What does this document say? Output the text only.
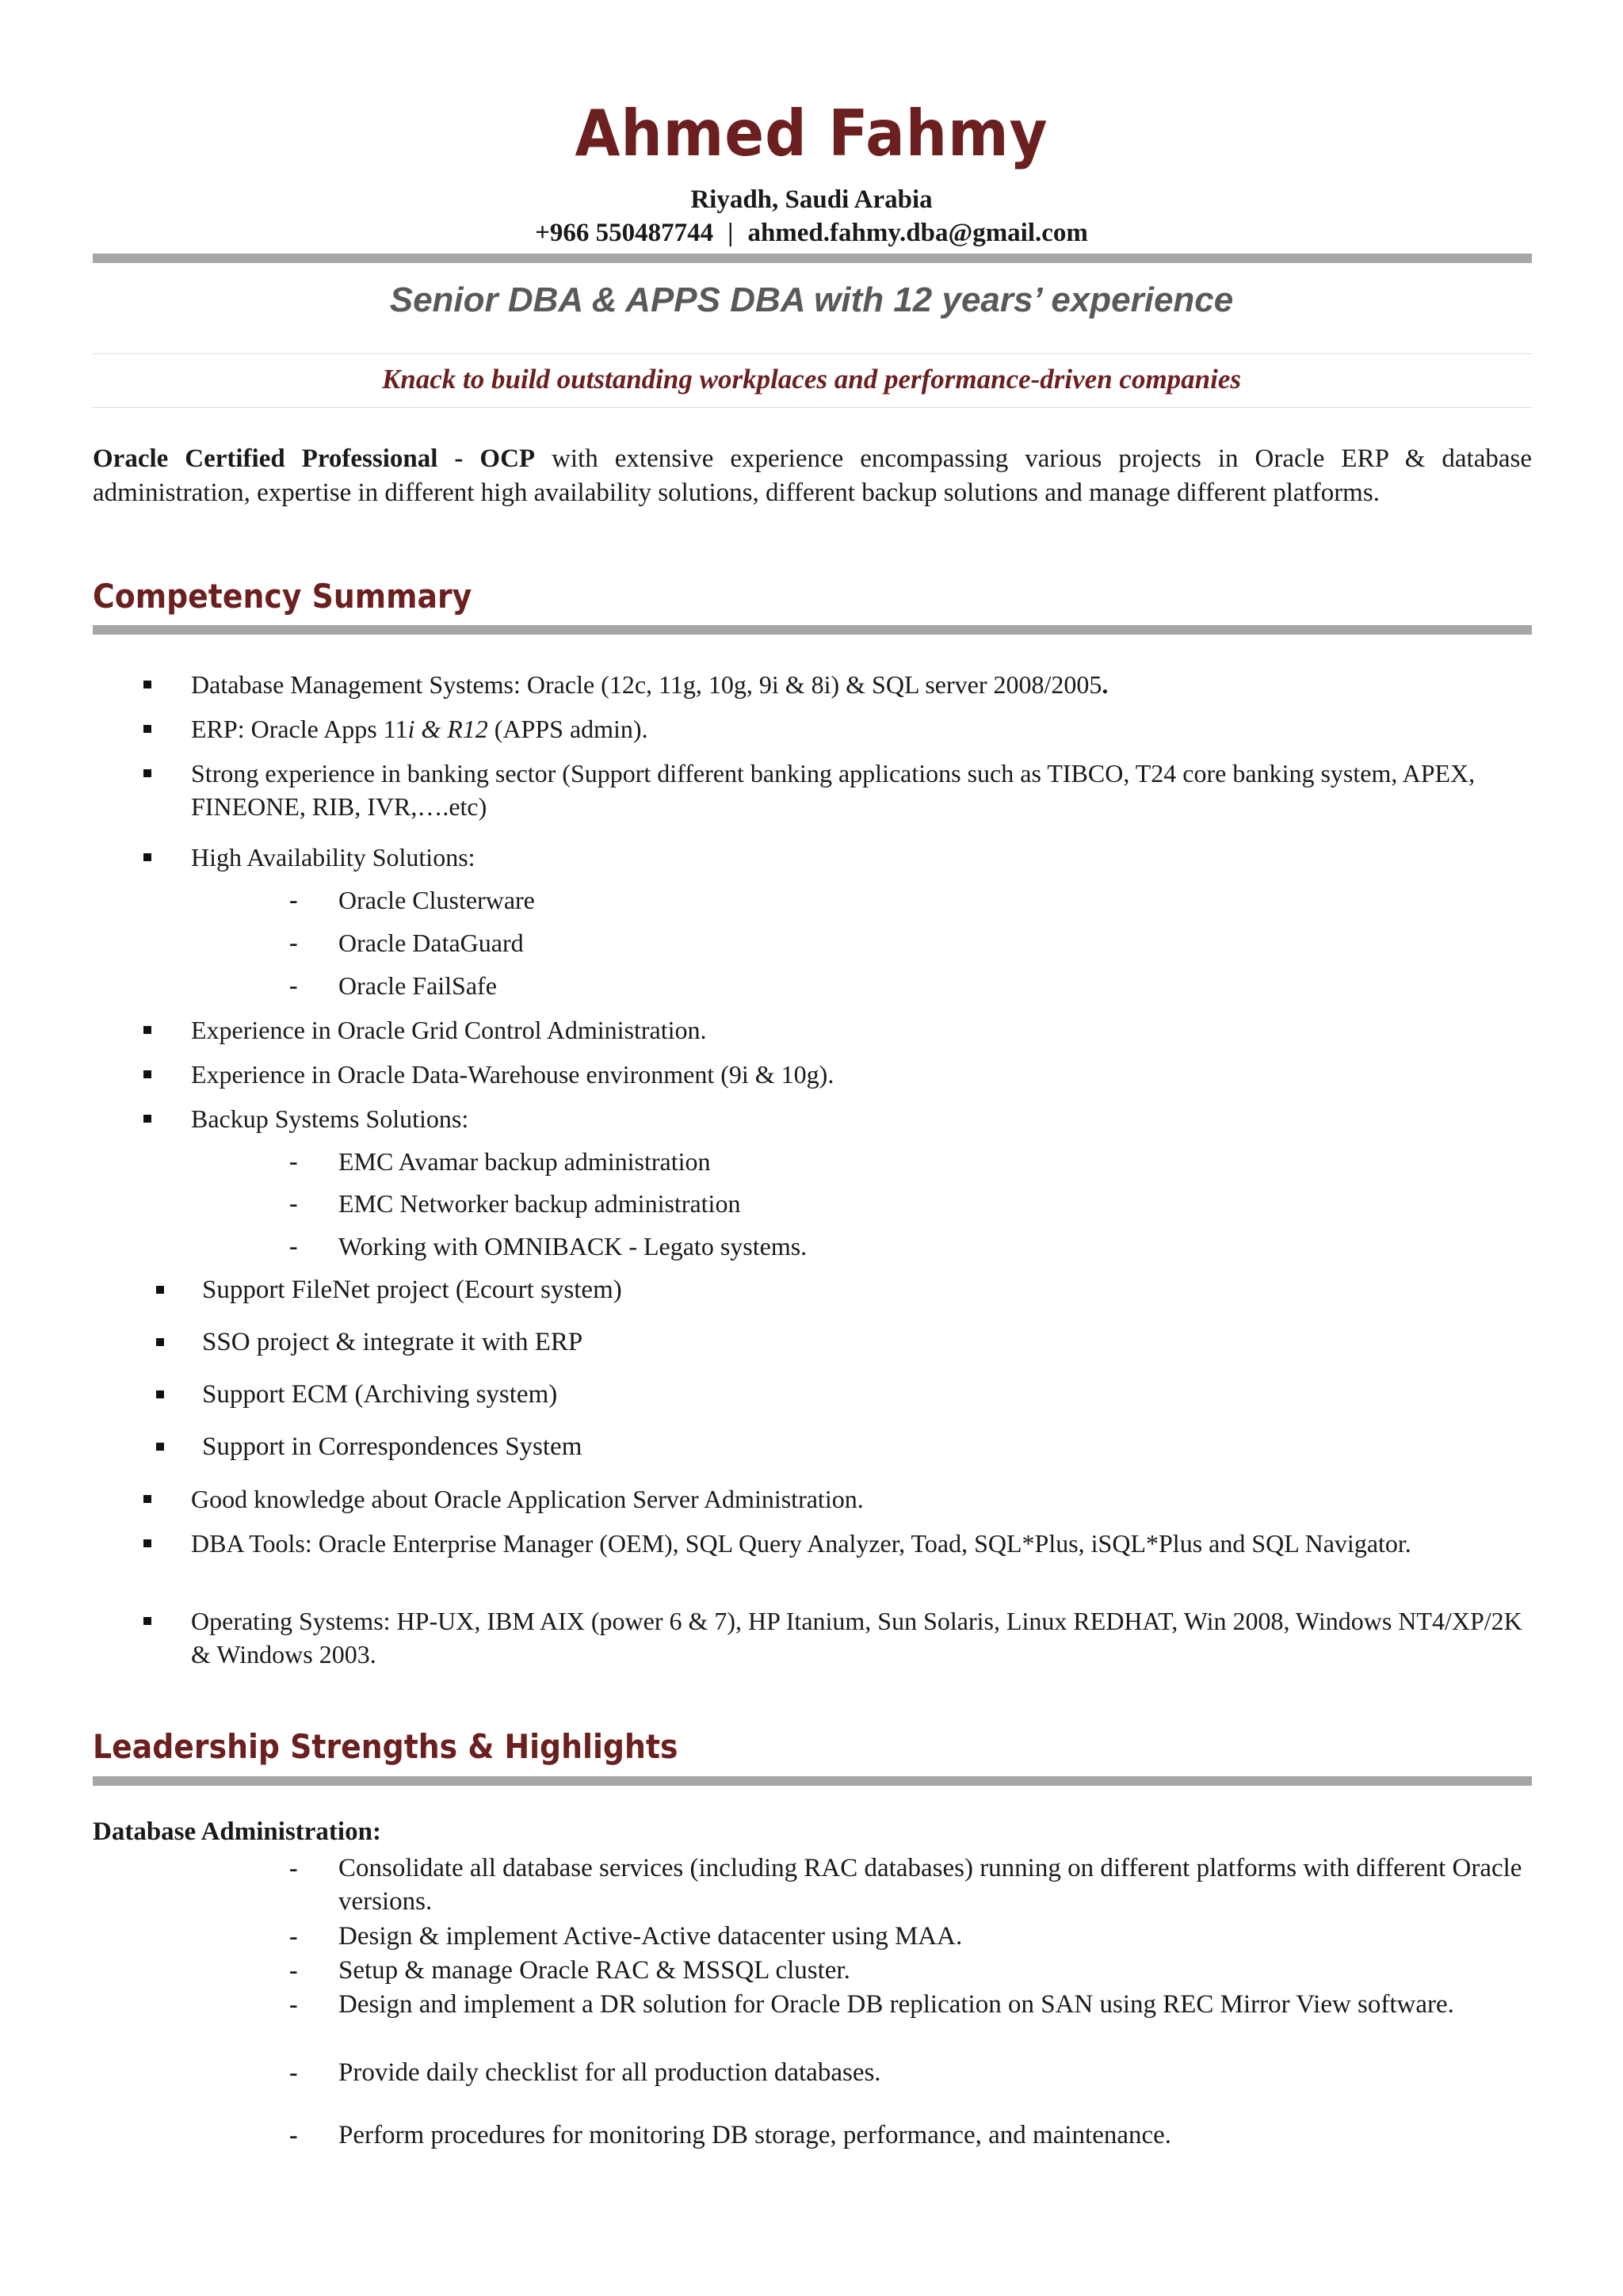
Ahmed Fahmy
Riyadh, Saudi Arabia
+966 550487744 | ahmed.fahmy.dba@gmail.com
Senior DBA & APPS DBA with 12 years’ experience
Knack to build outstanding workplaces and performance-driven companies
Oracle Certified Professional - OCP with extensive experience encompassing various projects in Oracle ERP & database administration, expertise in different high availability solutions, different backup solutions and manage different platforms.
Competency Summary
Database Management Systems: Oracle (12c, 11g, 10g, 9i & 8i) & SQL server 2008/2005.
ERP: Oracle Apps 11i & R12 (APPS admin).
Strong experience in banking sector (Support different banking applications such as TIBCO, T24 core banking system, APEX, FINEONE, RIB, IVR,….etc)
High Availability Solutions:
- Oracle Clusterware
- Oracle DataGuard
- Oracle FailSafe
Experience in Oracle Grid Control Administration.
Experience in Oracle Data-Warehouse environment (9i & 10g).
Backup Systems Solutions:
- EMC Avamar backup administration
- EMC Networker backup administration
- Working with OMNIBACK - Legato systems.
Support FileNet project (Ecourt system)
SSO project & integrate it with ERP
Support ECM (Archiving system)
Support in Correspondences System
Good knowledge about Oracle Application Server Administration.
DBA Tools: Oracle Enterprise Manager (OEM), SQL Query Analyzer, Toad, SQL*Plus, iSQL*Plus and SQL Navigator.
Operating Systems: HP-UX, IBM AIX (power 6 & 7), HP Itanium, Sun Solaris, Linux REDHAT, Win 2008, Windows NT4/XP/2K & Windows 2003.
Leadership Strengths & Highlights
Database Administration:
- Consolidate all database services (including RAC databases) running on different platforms with different Oracle versions.
- Design & implement Active-Active datacenter using MAA.
- Setup & manage Oracle RAC & MSSQL cluster.
- Design and implement a DR solution for Oracle DB replication on SAN using REC Mirror View software.
- Provide daily checklist for all production databases.
- Perform procedures for monitoring DB storage, performance, and maintenance.
